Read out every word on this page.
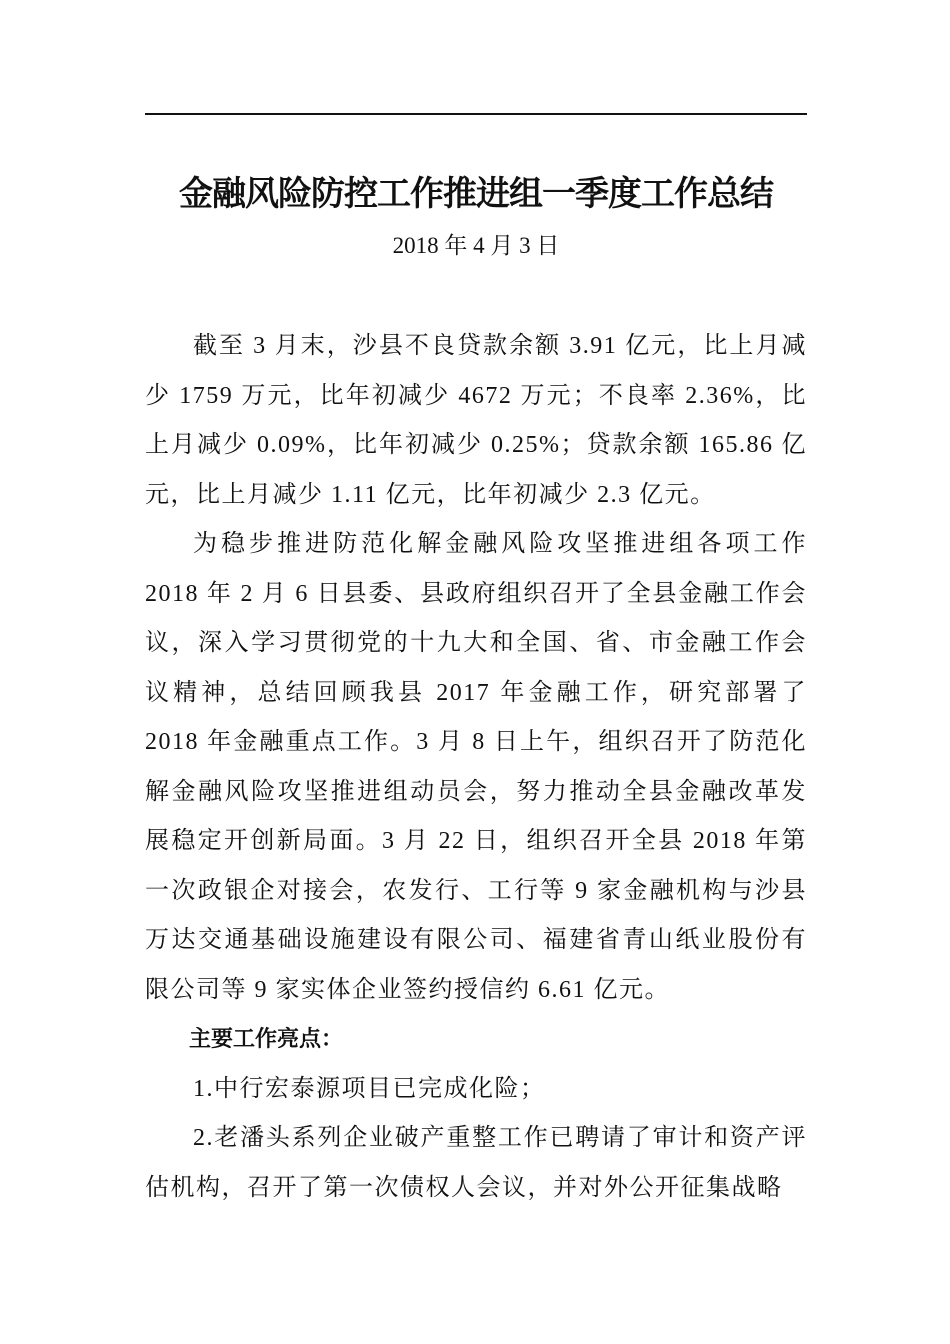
金融风险防控工作推进组一季度工作总结
2018 年 4 月 3 日

截至 3 月末，沙县不良贷款余额 3.91 亿元，比上月减少 1759 万元，比年初减少 4672 万元；不良率 2.36%，比上月减少 0.09%，比年初减少 0.25%；贷款余额 165.86 亿元，比上月减少 1.11 亿元，比年初减少 2.3 亿元。

为稳步推进防范化解金融风险攻坚推进组各项工作 2018 年 2 月 6 日县委、县政府组织召开了全县金融工作会议，深入学习贯彻党的十九大和全国、省、市金融工作会议精神，总结回顾我县 2017 年金融工作，研究部署了 2018 年金融重点工作。3 月 8 日上午，组织召开了防范化解金融风险攻坚推进组动员会，努力推动全县金融改革发展稳定开创新局面。3 月 22 日，组织召开全县 2018 年第一次政银企对接会，农发行、工行等 9 家金融机构与沙县万达交通基础设施建设有限公司、福建省青山纸业股份有限公司等 9 家实体企业签约授信约 6.61 亿元。

主要工作亮点：

1.中行宏泰源项目已完成化险；

2.老潘头系列企业破产重整工作已聘请了审计和资产评估机构，召开了第一次债权人会议，并对外公开征集战略
